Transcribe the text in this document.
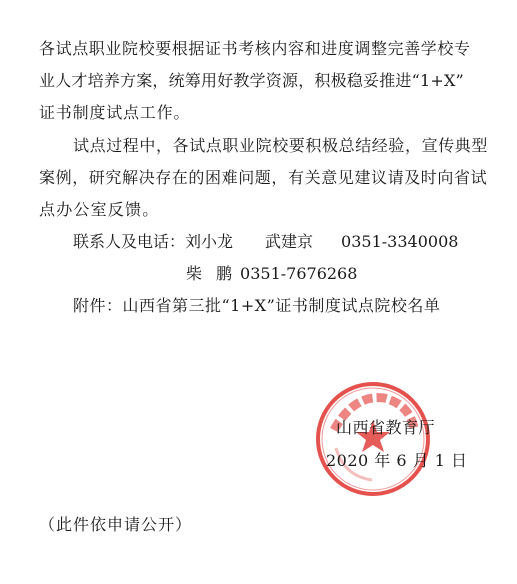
各试点职业院校要根据证书考核内容和进度调整完善学校专
业人才培养方案，统筹用好教学资源，积极稳妥推进“1+X”
证书制度试点工作。
试点过程中，各试点职业院校要积极总结经验，宣传典型
案例，研究解决存在的困难问题，有关意见建议请及时向省试
点办公室反馈。
联系人及电话：刘小龙 武建京 0351-3340008
柴 鹏 0351-7676268
附件：山西省第三批“1+X”证书制度试点院校名单
山西省教育厅
2020 年 6 月 1 日
（此件依申请公开）
